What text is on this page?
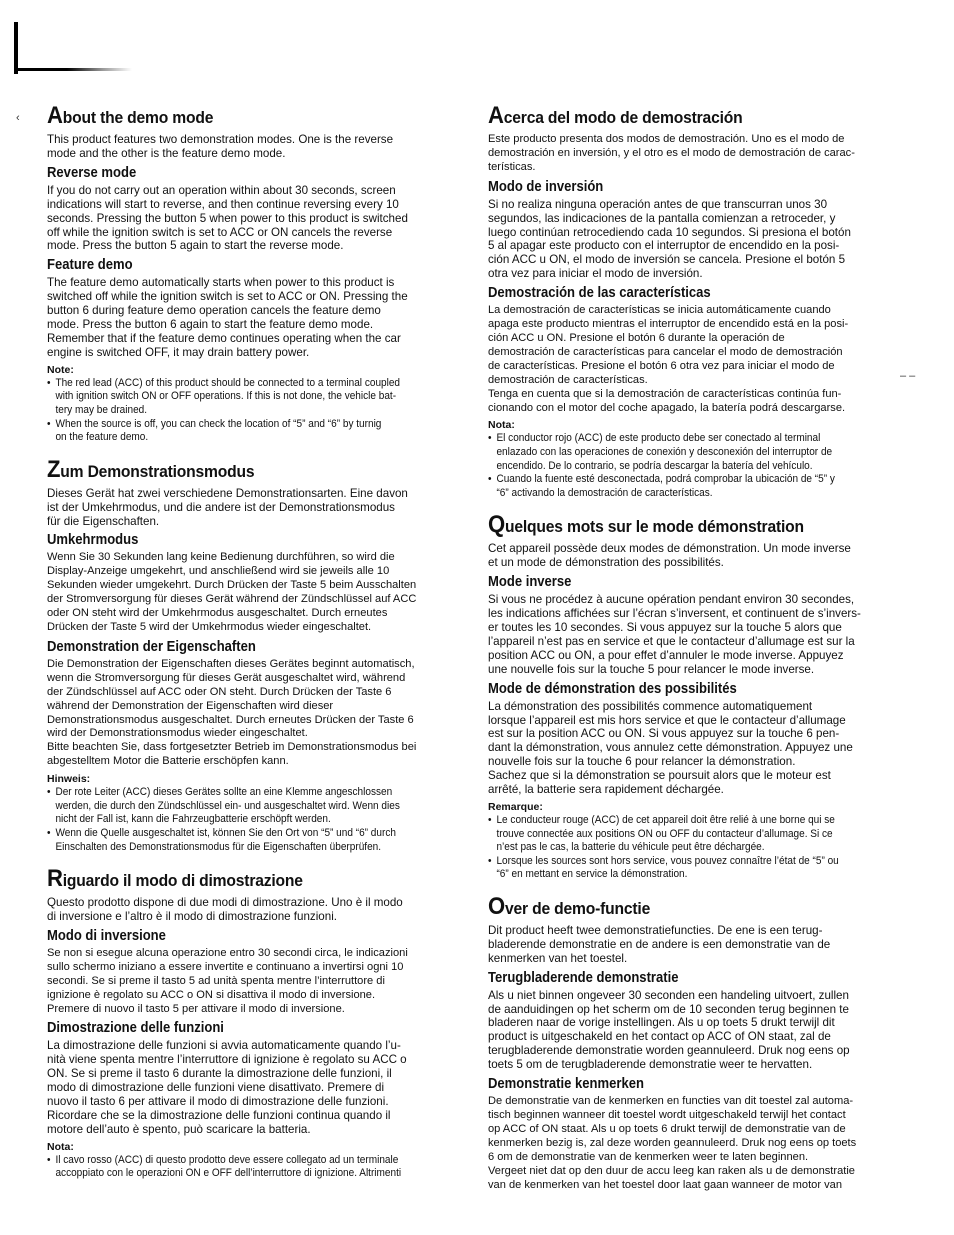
‹
– –
About the demo mode

This product features two demonstration modes. One is the reverse
mode and the other is the feature demo mode.

Reverse mode

If you do not carry out an operation within about 30 seconds, screen
indications will start to reverse, and then continue reversing every 10
seconds. Pressing the button 5 when power to this product is switched
off while the ignition switch is set to ACC or ON cancels the reverse
mode. Press the button 5 again to start the reverse mode.

Feature demo

The feature demo automatically starts when power to this product is
switched off while the ignition switch is set to ACC or ON. Pressing the
button 6 during feature demo operation cancels the feature demo
mode. Press the button 6 again to start the feature demo mode.
Remember that if the feature demo continues operating when the car
engine is switched OFF, it may drain battery power.

Note:
• The red lead (ACC) of this product should be connected to a terminal coupled
with ignition switch ON or OFF operations. If this is not done, the vehicle bat-
tery may be drained.
• When the source is off, you can check the location of “5” and “6” by turnig
on the feature demo.
Zum Demonstrationsmodus

Dieses Gerät hat zwei verschiedene Demonstrationsarten. Eine davon
ist der Umkehrmodus, und die andere ist der Demonstrationsmodus
für die Eigenschaften.

Umkehrmodus

Wenn Sie 30 Sekunden lang keine Bedienung durchführen, so wird die
Display-Anzeige umgekehrt, und anschließend wird sie jeweils alle 10
Sekunden wieder umgekehrt. Durch Drücken der Taste 5 beim Ausschalten
der Stromversorgung für dieses Gerät während der Zündschlüssel auf ACC
oder ON steht wird der Umkehrmodus ausgeschaltet. Durch erneutes
Drücken der Taste 5 wird der Umkehrmodus wieder eingeschaltet.

Demonstration der Eigenschaften

Die Demonstration der Eigenschaften dieses Gerätes beginnt automatisch,
wenn die Stromversorgung für dieses Gerät ausgeschaltet wird, während
der Zündschlüssel auf ACC oder ON steht. Durch Drücken der Taste 6
während der Demonstration der Eigenschaften wird dieser
Demonstrationsmodus ausgeschaltet. Durch erneutes Drücken der Taste 6
wird der Demonstrationsmodus wieder eingeschaltet.
Bitte beachten Sie, dass fortgesetzter Betrieb im Demonstrationsmodus bei
abgestelltem Motor die Batterie erschöpfen kann.

Hinweis:
• Der rote Leiter (ACC) dieses Gerätes sollte an eine Klemme angeschlossen
werden, die durch den Zündschlüssel ein- und ausgeschaltet wird. Wenn dies
nicht der Fall ist, kann die Fahrzeugbatterie erschöpft werden.
• Wenn die Quelle ausgeschaltet ist, können Sie den Ort von “5” und “6” durch
Einschalten des Demonstrationsmodus für die Eigenschaften überprüfen.
Riguardo il modo di dimostrazione

Questo prodotto dispone di due modi di dimostrazione. Uno è il modo
di inversione e l’altro è il modo di dimostrazione funzioni.

Modo di inversione

Se non si esegue alcuna operazione entro 30 secondi circa, le indicazioni
sullo schermo iniziano a essere invertite e continuano a invertirsi ogni 10
secondi. Se si preme il tasto 5 ad unità spenta mentre l’interruttore di
ignizione è regolato su ACC o ON si disattiva il modo di inversione.
Premere di nuovo il tasto 5 per attivare il modo di inversione.

Dimostrazione delle funzioni

La dimostrazione delle funzioni si avvia automaticamente quando l’u-
nità viene spenta mentre l’interruttore di ignizione è regolato su ACC o
ON. Se si preme il tasto 6 durante la dimostrazione delle funzioni, il
modo di dimostrazione delle funzioni viene disattivato. Premere di
nuovo il tasto 6 per attivare il modo di dimostrazione delle funzioni.
Ricordare che se la dimostrazione delle funzioni continua quando il
motore dell’auto è spento, può scaricare la batteria.

Nota:
• Il cavo rosso (ACC) di questo prodotto deve essere collegato ad un terminale
accoppiato con le operazioni ON e OFF dell’interruttore di ignizione. Altrimenti
Acerca del modo de demostración

Este producto presenta dos modos de demostración. Uno es el modo de
demostración en inversión, y el otro es el modo de demostración de carac-
terísticas.

Modo de inversión

Si no realiza ninguna operación antes de que transcurran unos 30
segundos, las indicaciones de la pantalla comienzan a retroceder, y
luego continúan retrocediendo cada 10 segundos. Si presiona el botón
5 al apagar este producto con el interruptor de encendido en la posi-
ción ACC u ON, el modo de inversión se cancela. Presione el botón 5
otra vez para iniciar el modo de inversión.

Demostración de las características

La demostración de características se inicia automáticamente cuando
apaga este producto mientras el interruptor de encendido está en la posi-
ción ACC u ON. Presione el botón 6 durante la operación de
demostración de características para cancelar el modo de demostración
de características. Presione el botón 6 otra vez para iniciar el modo de
demostración de características.
Tenga en cuenta que si la demostración de características continúa fun-
cionando con el motor del coche apagado, la batería podrá descargarse.

Nota:
• El conductor rojo (ACC) de este producto debe ser conectado al terminal
enlazado con las operaciones de conexión y desconexión del interruptor de
encendido. De lo contrario, se podría descargar la batería del vehículo.
• Cuando la fuente esté desconectada, podrá comprobar la ubicación de “5” y
“6” activando la demostración de características.
Quelques mots sur le mode démonstration

Cet appareil possède deux modes de démonstration. Un mode inverse
et un mode de démonstration des possibilités.

Mode inverse

Si vous ne procédez à aucune opération pendant environ 30 secondes,
les indications affichées sur l’écran s’inversent, et continuent de s’invers-
er toutes les 10 secondes. Si vous appuyez sur la touche 5 alors que
l’appareil n’est pas en service et que le contacteur d’allumage est sur la
position ACC ou ON, a pour effet d’annuler le mode inverse. Appuyez
une nouvelle fois sur la touche 5 pour relancer le mode inverse.

Mode de démonstration des possibilités

La démonstration des possibilités commence automatiquement
lorsque l’appareil est mis hors service et que le contacteur d’allumage
est sur la position ACC ou ON. Si vous appuyez sur la touche 6 pen-
dant la démonstration, vous annulez cette démonstration. Appuyez une
nouvelle fois sur la touche 6 pour relancer la démonstration.
Sachez que si la démonstration se poursuit alors que le moteur est
arrêté, la batterie sera rapidement déchargée.

Remarque:
• Le conducteur rouge (ACC) de cet appareil doit être relié à une borne qui se
trouve connectée aux positions ON ou OFF du contacteur d’allumage. Si ce
n’est pas le cas, la batterie du véhicule peut être déchargée.
• Lorsque les sources sont hors service, vous pouvez connaître l’état de “5” ou
“6” en mettant en service la démonstration.
Over de demo-functie

Dit product heeft twee demonstratiefuncties. De ene is een terug-
bladerende demonstratie en de andere is een demonstratie van de
kenmerken van het toestel.

Terugbladerende demonstratie

Als u niet binnen ongeveer 30 seconden een handeling uitvoert, zullen
de aanduidingen op het scherm om de 10 seconden terug beginnen te
bladeren naar de vorige instellingen. Als u op toets 5 drukt terwijl dit
product is uitgeschakeld en het contact op ACC of ON staat, zal de
terugbladerende demonstratie worden geannuleerd. Druk nog eens op
toets 5 om de terugbladerende demonstratie weer te hervatten.

Demonstratie kenmerken

De demonstratie van de kenmerken en functies van dit toestel zal automa-
tisch beginnen wanneer dit toestel wordt uitgeschakeld terwijl het contact
op ACC of ON staat. Als u op toets 6 drukt terwijl de demonstratie van de
kenmerken bezig is, zal deze worden geannuleerd. Druk nog eens op toets
6 om de demonstratie van de kenmerken weer te laten beginnen.
Vergeet niet dat op den duur de accu leeg kan raken als u de demonstratie
van de kenmerken van het toestel door laat gaan wanneer de motor van
